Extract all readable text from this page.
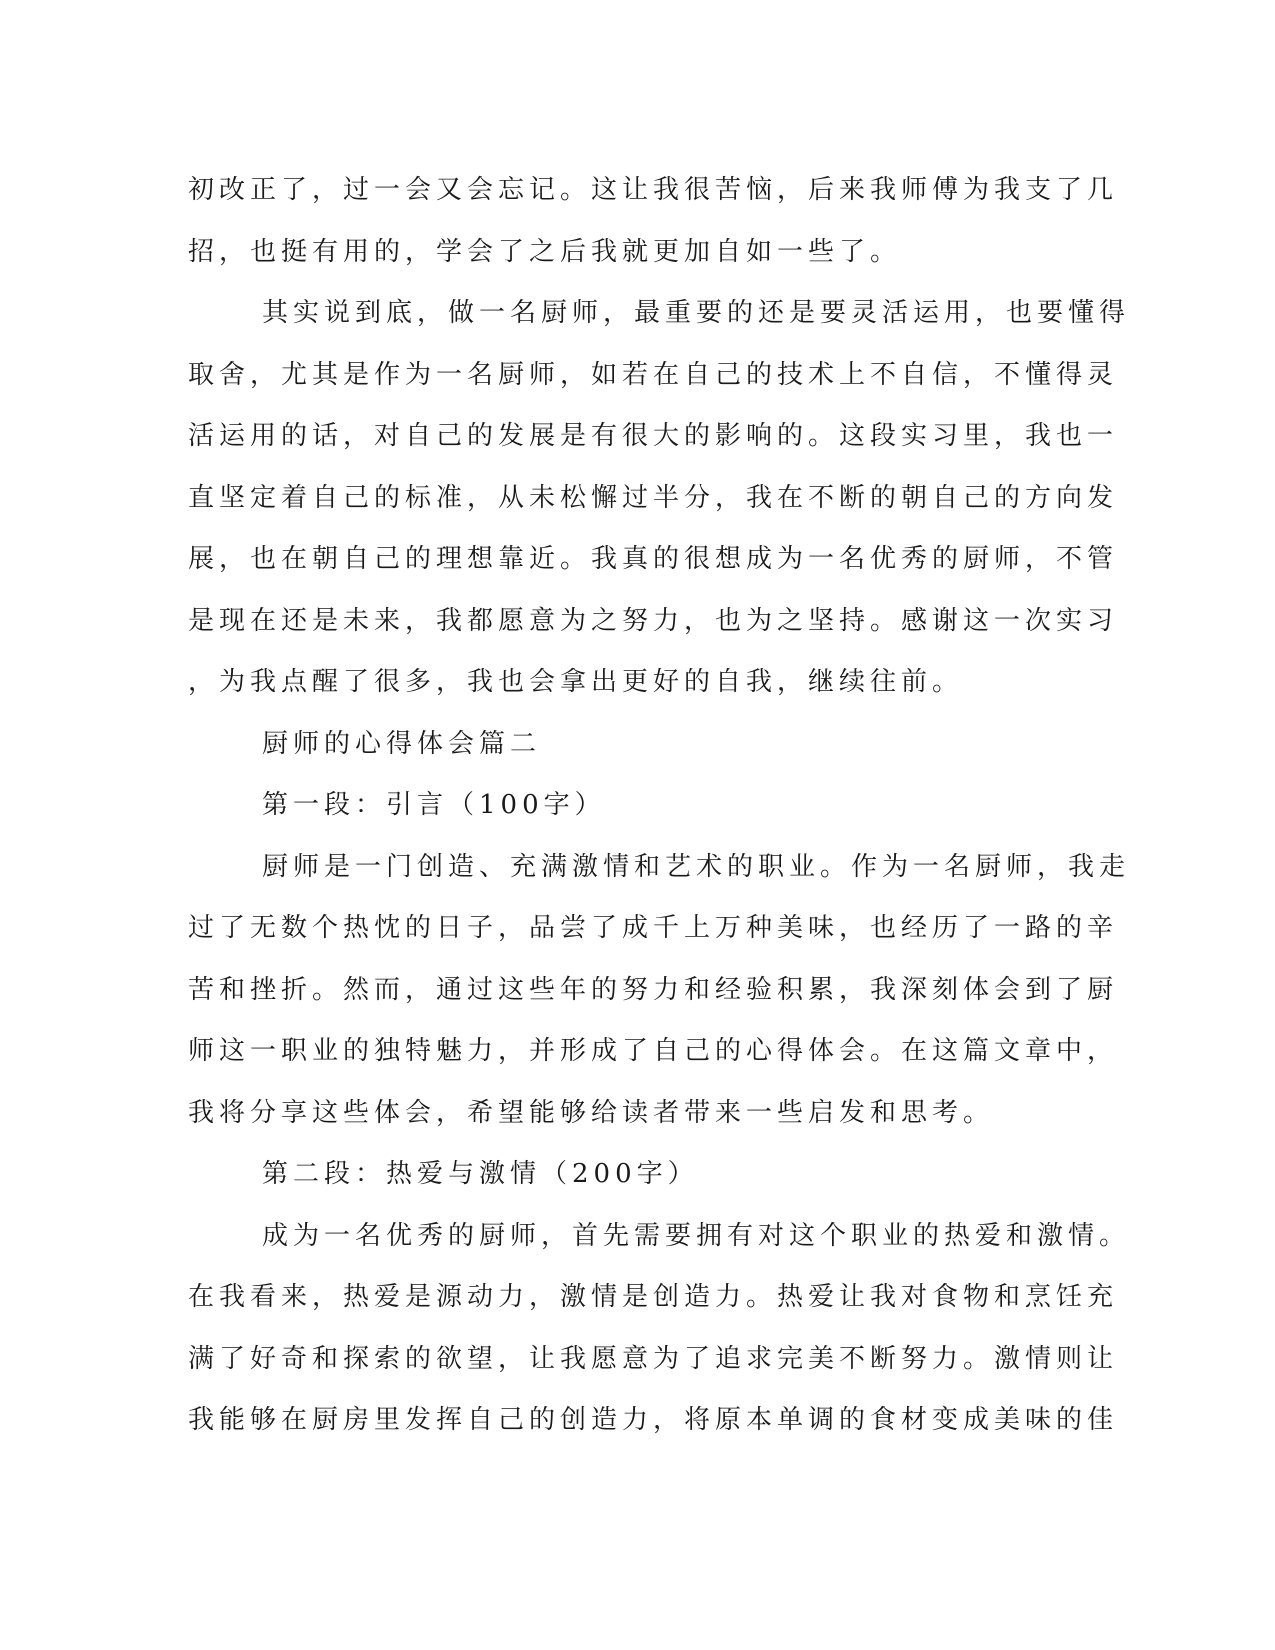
初改正了，过一会又会忘记。这让我很苦恼，后来我师傅为我支了几
招，也挺有用的，学会了之后我就更加自如一些了。
其实说到底，做一名厨师，最重要的还是要灵活运用，也要懂得
取舍，尤其是作为一名厨师，如若在自己的技术上不自信，不懂得灵
活运用的话，对自己的发展是有很大的影响的。这段实习里，我也一
直坚定着自己的标准，从未松懈过半分，我在不断的朝自己的方向发
展，也在朝自己的理想靠近。我真的很想成为一名优秀的厨师，不管
是现在还是未来，我都愿意为之努力，也为之坚持。感谢这一次实习
，为我点醒了很多，我也会拿出更好的自我，继续往前。
厨师的心得体会篇二
第一段：引言（100字）
厨师是一门创造、充满激情和艺术的职业。作为一名厨师，我走
过了无数个热忱的日子，品尝了成千上万种美味，也经历了一路的辛
苦和挫折。然而，通过这些年的努力和经验积累，我深刻体会到了厨
师这一职业的独特魅力，并形成了自己的心得体会。在这篇文章中，
我将分享这些体会，希望能够给读者带来一些启发和思考。
第二段：热爱与激情（200字）
成为一名优秀的厨师，首先需要拥有对这个职业的热爱和激情。
在我看来，热爱是源动力，激情是创造力。热爱让我对食物和烹饪充
满了好奇和探索的欲望，让我愿意为了追求完美不断努力。激情则让
我能够在厨房里发挥自己的创造力，将原本单调的食材变成美味的佳
